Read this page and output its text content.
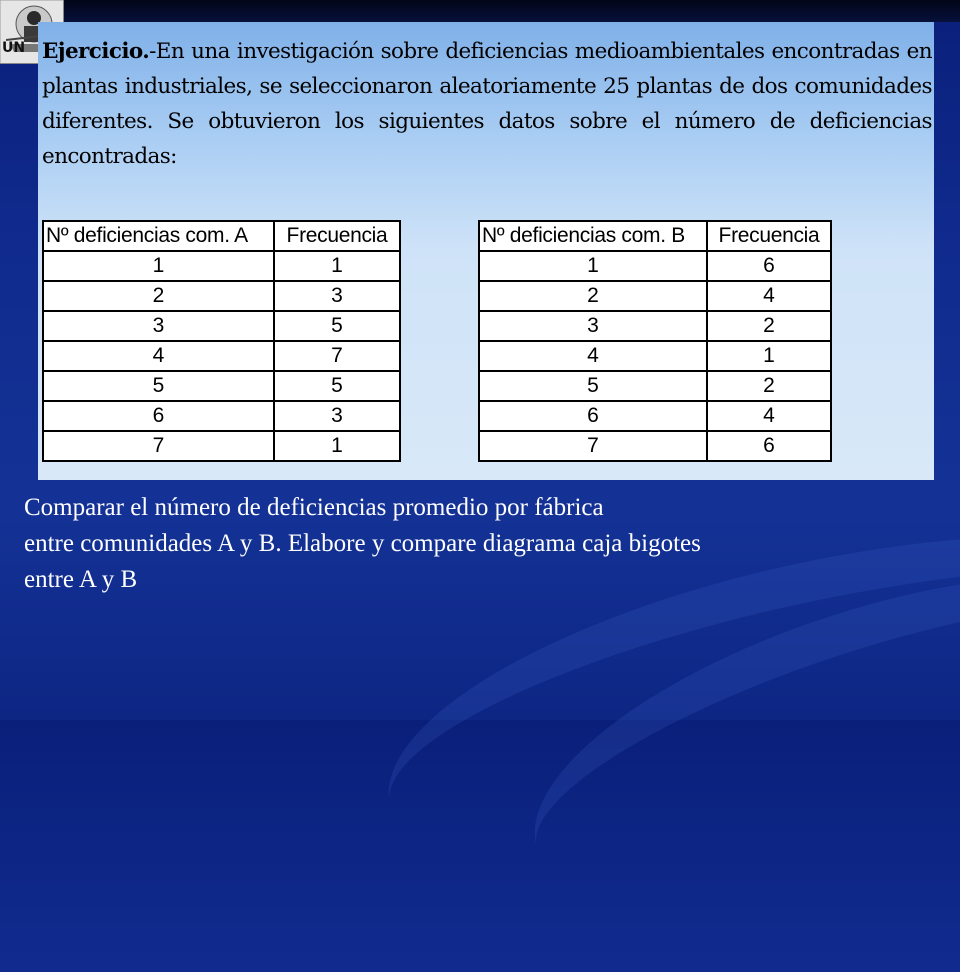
UN Ejercicio.-En una investigación sobre deficiencias medioambientales encontradas en plantas industriales, se seleccionaron aleatoriamente 25 plantas de dos comunidades diferentes. Se obtuvieron los siguientes datos sobre el número de deficiencias encontradas:
Nº deficiencias com. A	Frecuencia
1	1
2	3
3	5
4	7
5	5
6	3
7	1
Nº deficiencias com. B	Frecuencia
1	6
2	4
3	2
4	1
5	2
6	4
7	6
Comparar el número de deficiencias promedio por fábrica
entre comunidades A y B. Elabore y compare diagrama caja bigotes
entre A y B
